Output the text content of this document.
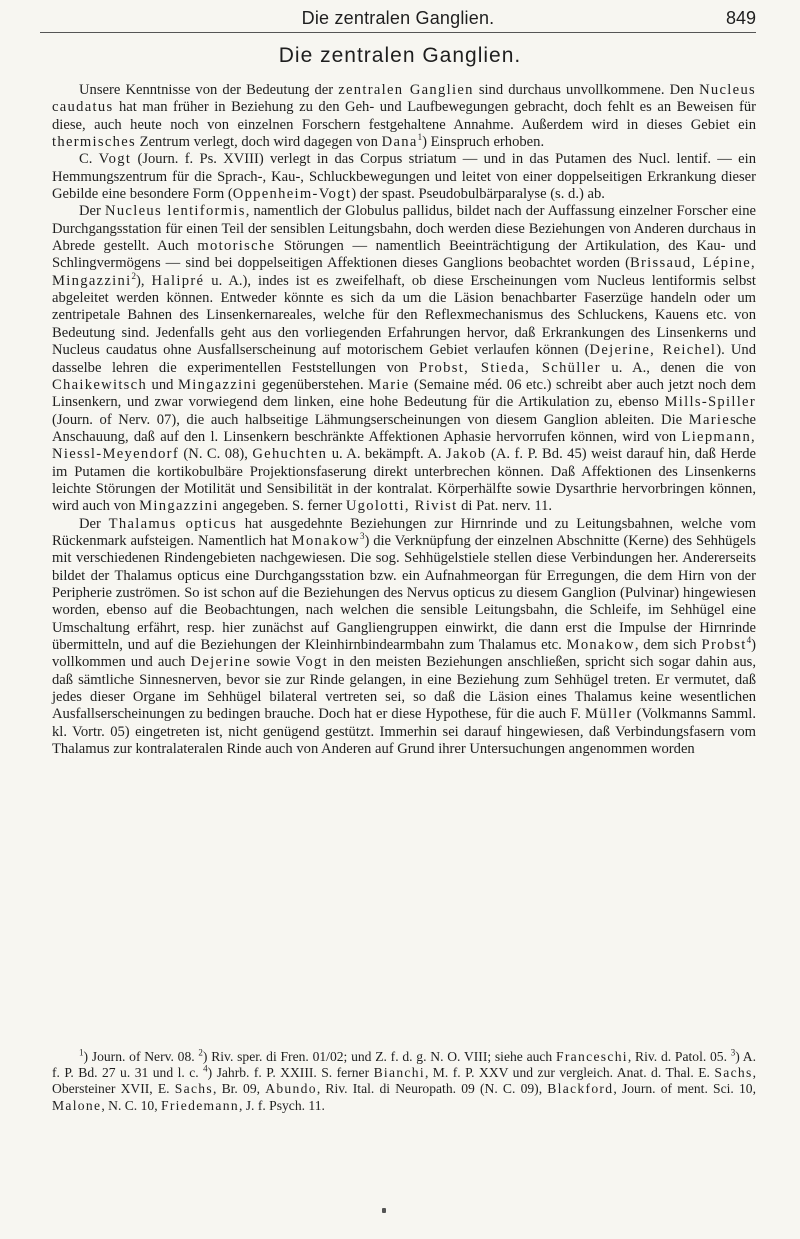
Die zentralen Ganglien.	849
Die zentralen Ganglien.

Unsere Kenntnisse von der Bedeutung der zentralen Ganglien sind durchaus unvollkommene. Den Nucleus caudatus hat man früher in Beziehung zu den Geh- und Laufbewegungen gebracht, doch fehlt es an Beweisen für diese, auch heute noch von einzelnen Forschern festgehaltene Annahme. Außerdem wird in dieses Gebiet ein thermisches Zentrum verlegt, doch wird dagegen von Dana$^1$) Einspruch erhoben.

C. Vogt (Journ. f. Ps. XVIII) verlegt in das Corpus striatum — und in das Putamen des Nucl. lentif. — ein Hemmungszentrum für die Sprach-, Kau-, Schluckbewegungen und leitet von einer doppelseitigen Erkrankung dieser Gebilde eine besondere Form (Oppenheim-Vogt) der spast. Pseudobulbärparalyse (s. d.) ab.

Der Nucleus lentiformis, namentlich der Globulus pallidus, bildet nach der Auffassung einzelner Forscher eine Durchgangsstation für einen Teil der sensiblen Leitungsbahn, doch werden diese Beziehungen von Anderen durchaus in Abrede gestellt. Auch motorische Störungen — namentlich Beeinträchtigung der Artikulation, des Kau- und Schlingvermögens — sind bei doppelseitigen Affektionen dieses Ganglions beobachtet worden (Brissaud, Lépine, Mingazzini$^2$), Halipré u. A.), indes ist es zweifelhaft, ob diese Erscheinungen vom Nucleus lentiformis selbst abgeleitet werden können. Entweder könnte es sich da um die Läsion benachbarter Faserzüge handeln oder um zentripetale Bahnen des Linsenkernareales, welche für den Reflexmechanismus des Schluckens, Kauens etc. von Bedeutung sind. Jedenfalls geht aus den vorliegenden Erfahrungen hervor, daß Erkrankungen des Linsenkerns und Nucleus caudatus ohne Ausfallserscheinung auf motorischem Gebiet verlaufen können (Dejerine, Reichel). Und dasselbe lehren die experimentellen Feststellungen von Probst, Stieda, Schüller u. A., denen die von Chaikewitsch und Mingazzini gegenüberstehen. Marie (Semaine méd. 06 etc.) schreibt aber auch jetzt noch dem Linsenkern, und zwar vorwiegend dem linken, eine hohe Bedeutung für die Artikulation zu, ebenso Mills-Spiller (Journ. of Nerv. 07), die auch halbseitige Lähmungserscheinungen von diesem Ganglion ableiten. Die Mariesche Anschauung, daß auf den l. Linsenkern beschränkte Affektionen Aphasie hervorrufen können, wird von Liepmann, Niessl-Meyendorf (N. C. 08), Gehuchten u. A. bekämpft. A. Jakob (A. f. P. Bd. 45) weist darauf hin, daß Herde im Putamen die kortikobulbäre Projektionsfaserung direkt unterbrechen können. Daß Affektionen des Linsenkerns leichte Störungen der Motilität und Sensibilität in der kontralat. Körperhälfte sowie Dysarthrie hervorbringen können, wird auch von Mingazzini angegeben. S. ferner Ugolotti, Rivist di Pat. nerv. 11.

Der Thalamus opticus hat ausgedehnte Beziehungen zur Hirnrinde und zu Leitungsbahnen, welche vom Rückenmark aufsteigen. Namentlich hat Monakow$^3$) die Verknüpfung der einzelnen Abschnitte (Kerne) des Sehhügels mit verschiedenen Rindengebieten nachgewiesen. Die sog. Sehhügelstiele stellen diese Verbindungen her. Andererseits bildet der Thalamus opticus eine Durchgangsstation bzw. ein Aufnahmeorgan für Erregungen, die dem Hirn von der Peripherie zuströmen. So ist schon auf die Beziehungen des Nervus opticus zu diesem Ganglion (Pulvinar) hingewiesen worden, ebenso auf die Beobachtungen, nach welchen die sensible Leitungsbahn, die Schleife, im Sehhügel eine Umschaltung erfährt, resp. hier zunächst auf Gangliengruppen einwirkt, die dann erst die Impulse der Hirnrinde übermitteln, und auf die Beziehungen der Kleinhirnbindearmbahn zum Thalamus etc. Monakow, dem sich Probst$^4$) vollkommen und auch Dejerine sowie Vogt in den meisten Beziehungen anschließen, spricht sich sogar dahin aus, daß sämtliche Sinnesnerven, bevor sie zur Rinde gelangen, in eine Beziehung zum Sehhügel treten. Er vermutet, daß jedes dieser Organe im Sehhügel bilateral vertreten sei, so daß die Läsion eines Thalamus keine wesentlichen Ausfallserscheinungen zu bedingen brauche. Doch hat er diese Hypothese, für die auch F. Müller (Volkmanns Samml. kl. Vortr. 05) eingetreten ist, nicht genügend gestützt. Immerhin sei darauf hingewiesen, daß Verbindungsfasern vom Thalamus zur kontralateralen Rinde auch von Anderen auf Grund ihrer Untersuchungen angenommen worden

$^1$) Journ. of Nerv. 08. $^2$) Riv. sper. di Fren. 01/02; und Z. f. d. g. N. O. VIII; siehe auch Franceschi, Riv. d. Patol. 05. $^3$) A. f. P. Bd. 27 u. 31 und l. c. $^4$) Jahrb. f. P. XXIII. S. ferner Bianchi, M. f. P. XXV und zur vergleich. Anat. d. Thal. E. Sachs, Obersteiner XVII, E. Sachs, Br. 09, Abundo, Riv. Ital. di Neuropath. 09 (N. C. 09), Blackford, Journ. of ment. Sci. 10, Malone, N. C. 10, Friedemann, J. f. Psych. 11.
